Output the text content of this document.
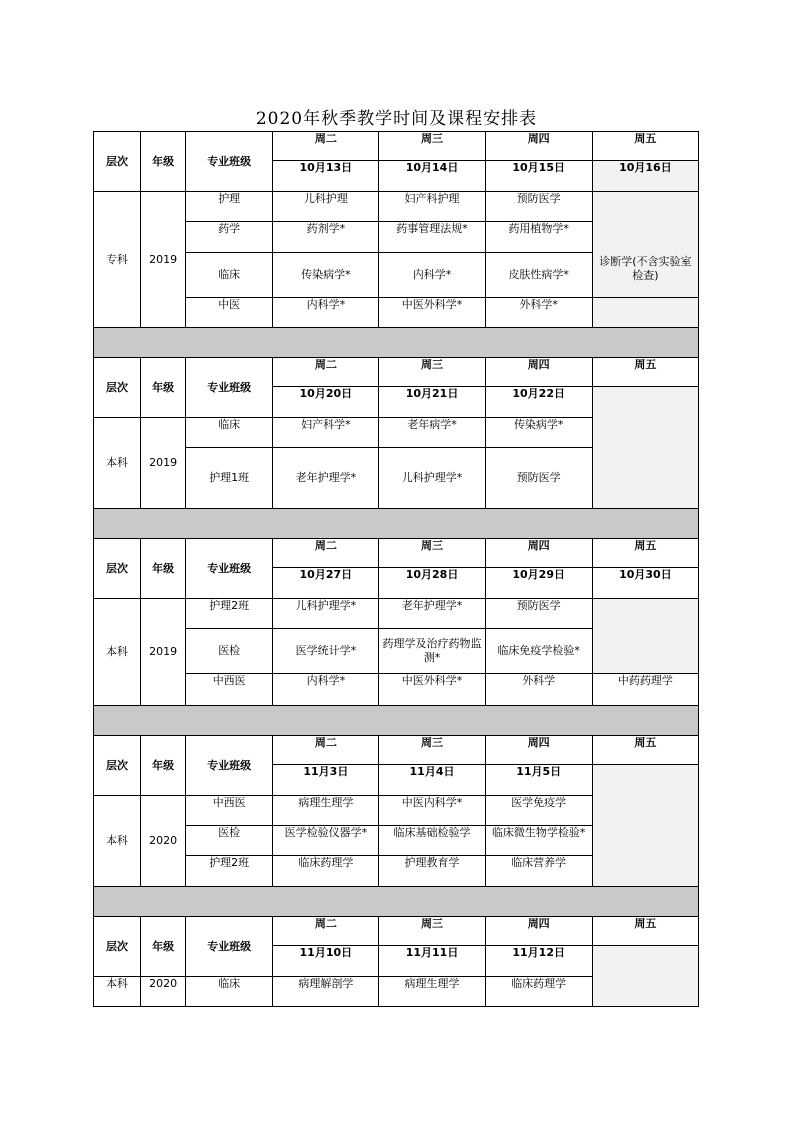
2020年秋季教学时间及课程安排表
层次	年级	专业班级	周二	周三	周四	周五
			10月13日	10月14日	10月15日	10月16日
专科	2019	护理	儿科护理	妇产科护理	预防医学	诊断学(不含实验室检查)
		药学	药剂学*	药事管理法规*	药用植物学*	
		临床	传染病学*	内科学*	皮肤性病学*	
		中医	内科学*	中医外科学*	外科学*	

层次	年级	专业班级	周二	周三	周四	周五
			10月20日	10月21日	10月22日	
本科	2019	临床	妇产科学*	老年病学*	传染病学*	
		护理1班	老年护理学*	儿科护理学*	预防医学	

层次	年级	专业班级	周二	周三	周四	周五
			10月27日	10月28日	10月29日	10月30日
本科	2019	护理2班	儿科护理学*	老年护理学*	预防医学	
		医检	医学统计学*	药理学及治疗药物监测*	临床免疫学检验*	
		中西医	内科学*	中医外科学*	外科学	中药药理学

层次	年级	专业班级	周二	周三	周四	周五
			11月3日	11月4日	11月5日	
本科	2020	中西医	病理生理学	中医内科学*	医学免疫学	
		医检	医学检验仪器学*	临床基础检验学	临床微生物学检验*	
		护理2班	临床药理学	护理教育学	临床营养学	

层次	年级	专业班级	周二	周三	周四	周五
			11月10日	11月11日	11月12日	
本科	2020	临床	病理解剖学	病理生理学	临床药理学	
